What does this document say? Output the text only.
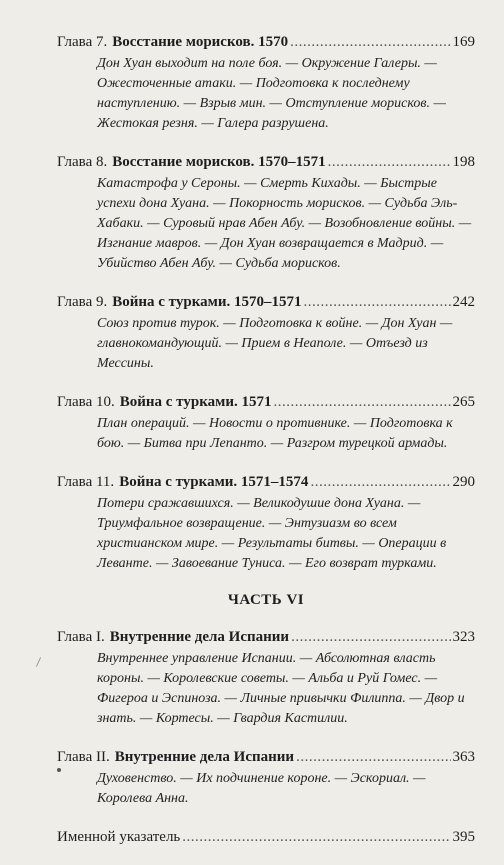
Глава 7. Восстание морисков. 1570 .....	169
Дон Хуан выходит на поле боя. — Окружение Галеры. — Ожесточенные атаки. — Подготовка к последнему наступлению. — Взрыв мин. — Отступление морисков. — Жестокая резня. — Галера разрушена.
Глава 8. Восстание морисков. 1570–1571 .....	198
Катастрофа у Сероны. — Смерть Кихады. — Быстрые успехи дона Хуана. — Покорность морисков. — Судьба Эль-Хабаки. — Суровый нрав Абен Абу. — Возобновление войны. — Изгнание мавров. — Дон Хуан возвращается в Мадрид. — Убийство Абен Абу. — Судьба морисков.
Глава 9. Война с турками. 1570–1571 .....	242
Союз против турок. — Подготовка к войне. — Дон Хуан — главнокомандующий. — Прием в Неаполе. — Отъезд из Мессины.
Глава 10. Война с турками. 1571 .....	265
План операций. — Новости о противнике. — Подготовка к бою. — Битва при Лепанто. — Разгром турецкой армады.
Глава 11. Война с турками. 1571–1574 .....	290
Потери сражавшихся. — Великодушие дона Хуана. — Триумфальное возвращение. — Энтузиазм во всем христианском мире. — Результаты битвы. — Операции в Леванте. — Завоевание Туниса. — Его возврат турками.
ЧАСТЬ VI
Глава I. Внутренние дела Испании .....	323
Внутреннее управление Испании. — Абсолютная власть короны. — Королевские советы. — Альба и Руй Гомес. — Фигероа и Эспиноза. — Личные привычки Филиппа. — Двор и знать. — Кортесы. — Гвардия Кастилии.
Глава II. Внутренние дела Испании .....	363
Духовенство. — Их подчинение короне. — Эскориал. — Королева Анна.
Именной указатель .....	395
